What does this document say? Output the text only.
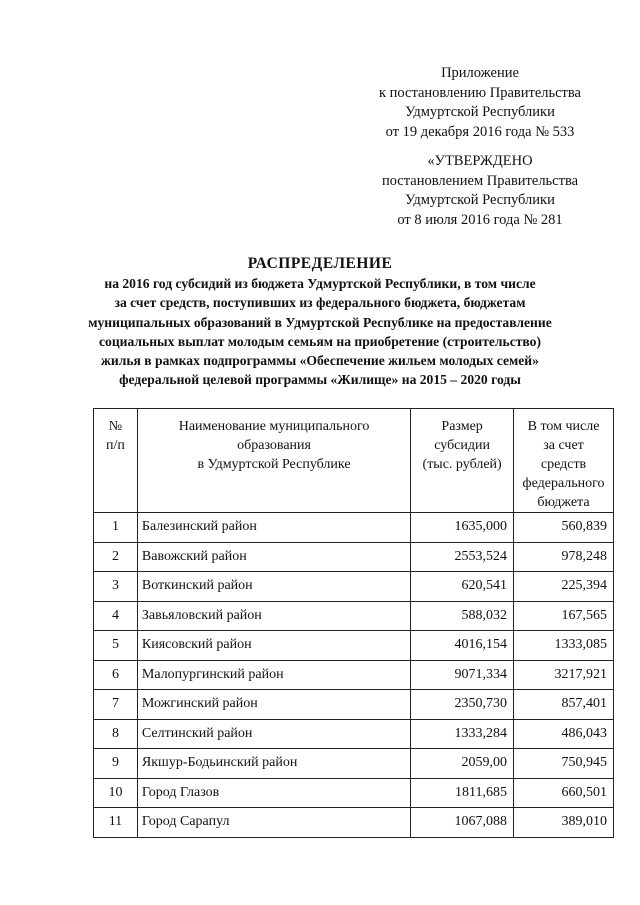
Приложение
к постановлению Правительства
Удмуртской Республики
от 19 декабря 2016 года № 533
«УТВЕРЖДЕНО
постановлением Правительства
Удмуртской Республики
от 8 июля 2016 года № 281
РАСПРЕДЕЛЕНИЕ
на 2016 год субсидий из бюджета Удмуртской Республики, в том числе
за счет средств, поступивших из федерального бюджета, бюджетам
муниципальных образований в Удмуртской Республике на предоставление
социальных выплат молодым семьям на приобретение (строительство)
жилья в рамках подпрограммы «Обеспечение жильем молодых семей»
федеральной целевой программы «Жилище» на 2015 – 2020 годы
№
п/п	Наименование муниципального
образования
в Удмуртской Республике	Размер
субсидии
(тыс. рублей)	В том числе
за счет
средств
федерального
бюджета

1	Балезинский район	1635,000	560,839
2	Вавожский район	2553,524	978,248
3	Воткинский район	620,541	225,394
4	Завьяловский район	588,032	167,565
5	Киясовский район	4016,154	1333,085
6	Малопургинский район	9071,334	3217,921
7	Можгинский район	2350,730	857,401
8	Селтинский район	1333,284	486,043
9	Якшур-Бодьинский район	2059,00	750,945
10	Город Глазов	1811,685	660,501
11	Город Сарапул	1067,088	389,010
